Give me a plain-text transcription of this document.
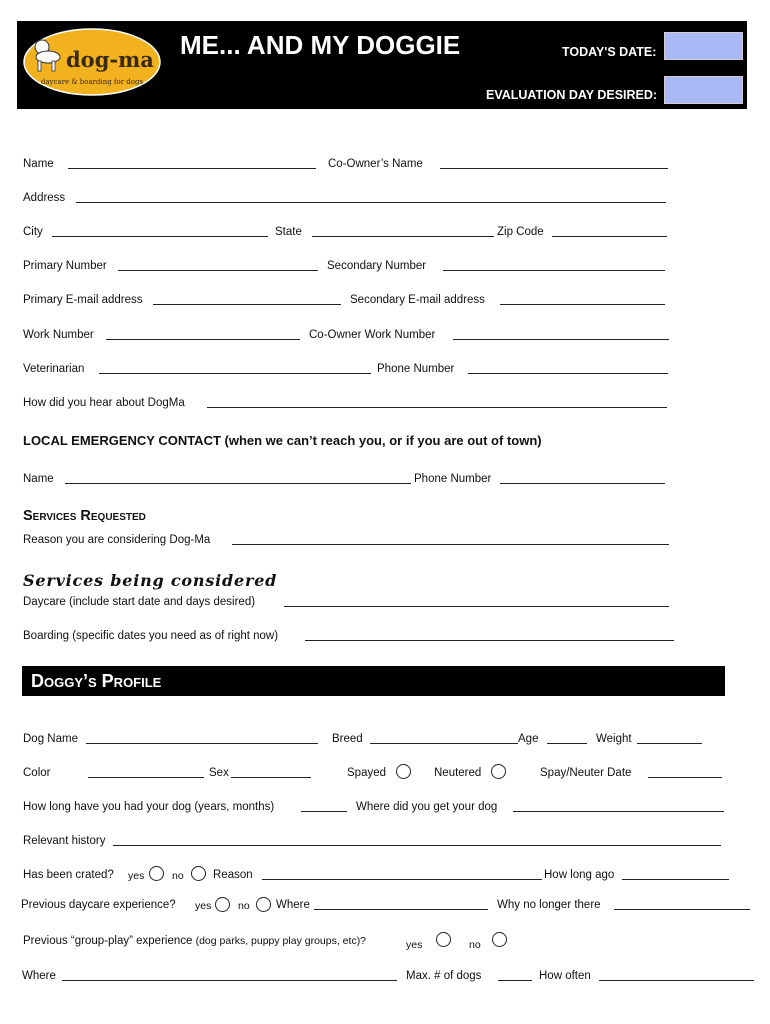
dog-ma
daycare & boarding for dogs
ME... AND MY DOGGIE	TODAY'S DATE:
EVALUATION DAY DESIRED:
Name	Co-Owner’s Name
Address
City	State	Zip Code
Primary Number	Secondary Number
Primary E-mail address	Secondary E-mail address
Work Number	Co-Owner Work Number
Veterinarian	Phone Number
How did you hear about DogMa
LOCAL EMERGENCY CONTACT (when we can’t reach you, or if you are out of town)
Name	Phone Number
Services Requested
Reason you are considering Dog-Ma
Services being considered
Daycare (include start date and days desired)
Boarding (specific dates you need as of right now)
Doggy’s Profile
Dog Name	Breed	Age	Weight
Color	Sex	Spayed	Neutered	Spay/Neuter Date
How long have you had your dog (years, months)	Where did you get your dog
Relevant history
Has been crated? yes	no	Reason	How long ago
Previous daycare experience? yes	no Where	Why no longer there
Previous “group-play” experience (dog parks, puppy play groups, etc)?	yes	no
Where	Max. # of dogs	How often
